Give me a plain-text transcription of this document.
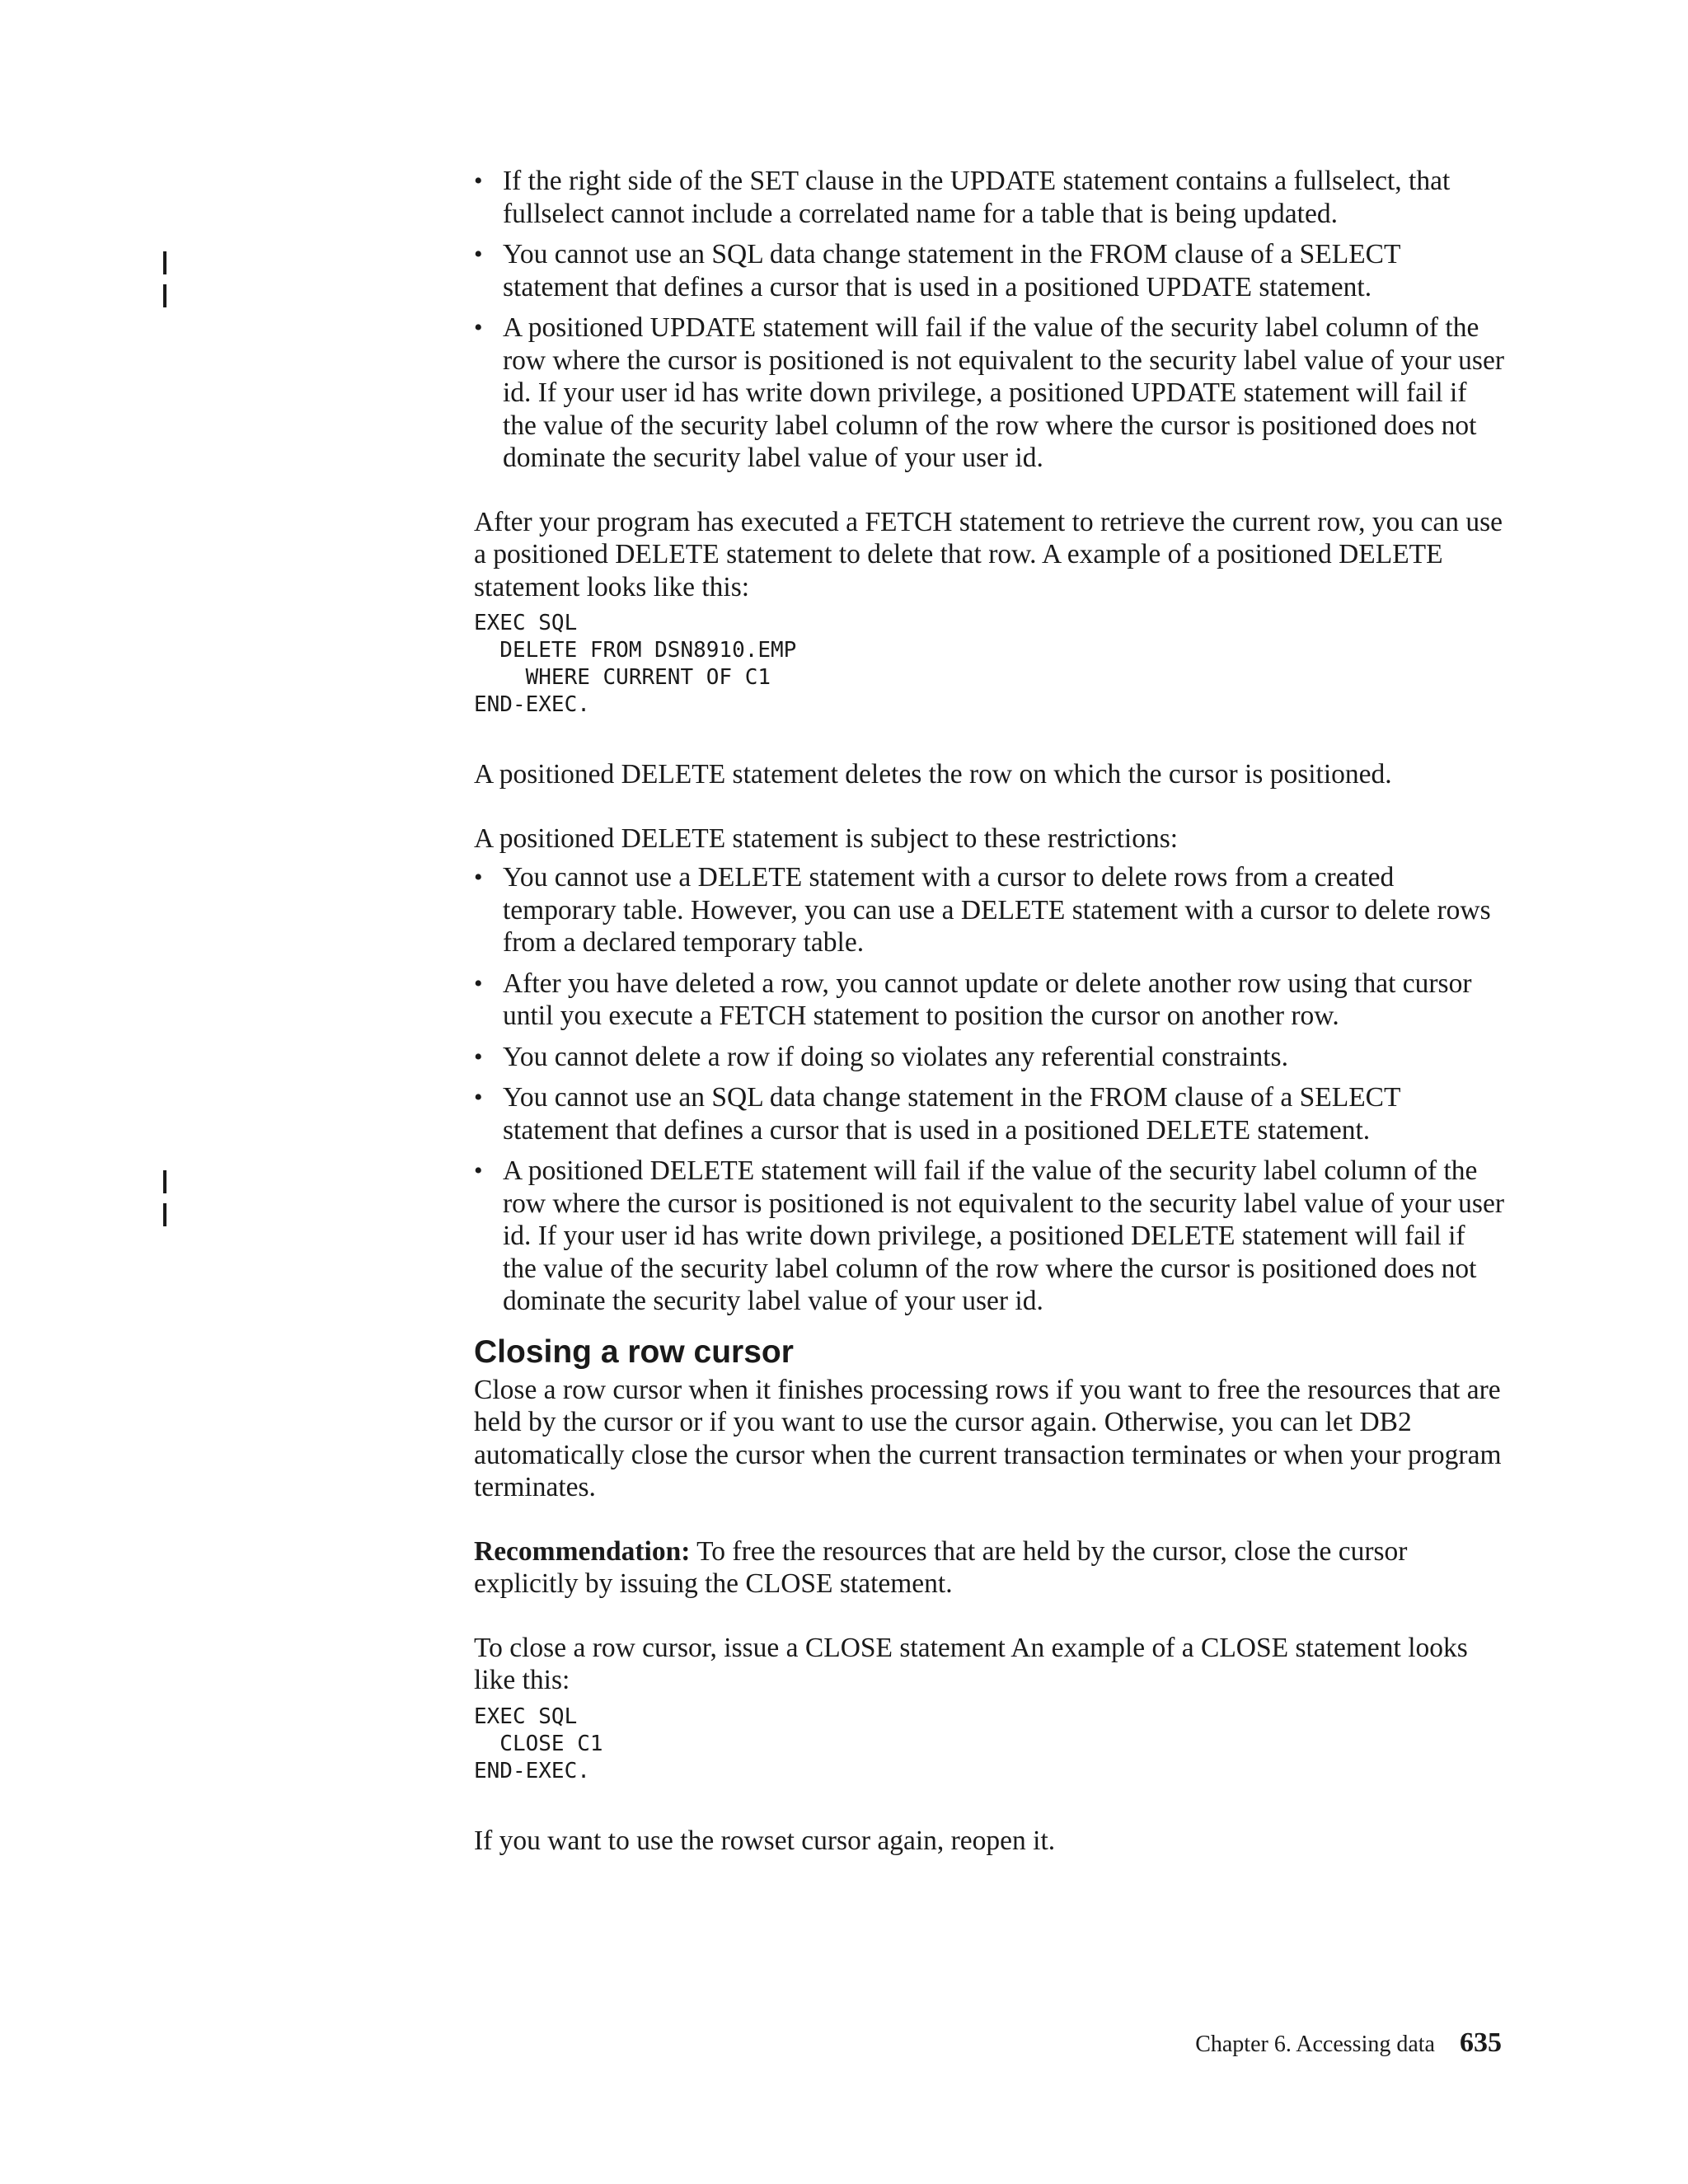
• If the right side of the SET clause in the UPDATE statement contains a fullselect, that fullselect cannot include a correlated name for a table that is being updated.
• You cannot use an SQL data change statement in the FROM clause of a SELECT statement that defines a cursor that is used in a positioned UPDATE statement.
• A positioned UPDATE statement will fail if the value of the security label column of the row where the cursor is positioned is not equivalent to the security label value of your user id. If your user id has write down privilege, a positioned UPDATE statement will fail if the value of the security label column of the row where the cursor is positioned does not dominate the security label value of your user id.

After your program has executed a FETCH statement to retrieve the current row, you can use a positioned DELETE statement to delete that row. A example of a positioned DELETE statement looks like this:

EXEC SQL
DELETE FROM DSN8910.EMP
WHERE CURRENT OF C1
END-EXEC.

A positioned DELETE statement deletes the row on which the cursor is positioned.

A positioned DELETE statement is subject to these restrictions:

• You cannot use a DELETE statement with a cursor to delete rows from a created temporary table. However, you can use a DELETE statement with a cursor to delete rows from a declared temporary table.
• After you have deleted a row, you cannot update or delete another row using that cursor until you execute a FETCH statement to position the cursor on another row.
• You cannot delete a row if doing so violates any referential constraints.
• You cannot use an SQL data change statement in the FROM clause of a SELECT statement that defines a cursor that is used in a positioned DELETE statement.
• A positioned DELETE statement will fail if the value of the security label column of the row where the cursor is positioned is not equivalent to the security label value of your user id. If your user id has write down privilege, a positioned DELETE statement will fail if the value of the security label column of the row where the cursor is positioned does not dominate the security label value of your user id.
Closing a row cursor

Close a row cursor when it finishes processing rows if you want to free the resources that are held by the cursor or if you want to use the cursor again. Otherwise, you can let DB2 automatically close the cursor when the current transaction terminates or when your program terminates.

Recommendation: To free the resources that are held by the cursor, close the cursor explicitly by issuing the CLOSE statement.

To close a row cursor, issue a CLOSE statement An example of a CLOSE statement looks like this:

EXEC SQL
CLOSE C1
END-EXEC.

If you want to use the rowset cursor again, reopen it.

Chapter 6. Accessing data 635
